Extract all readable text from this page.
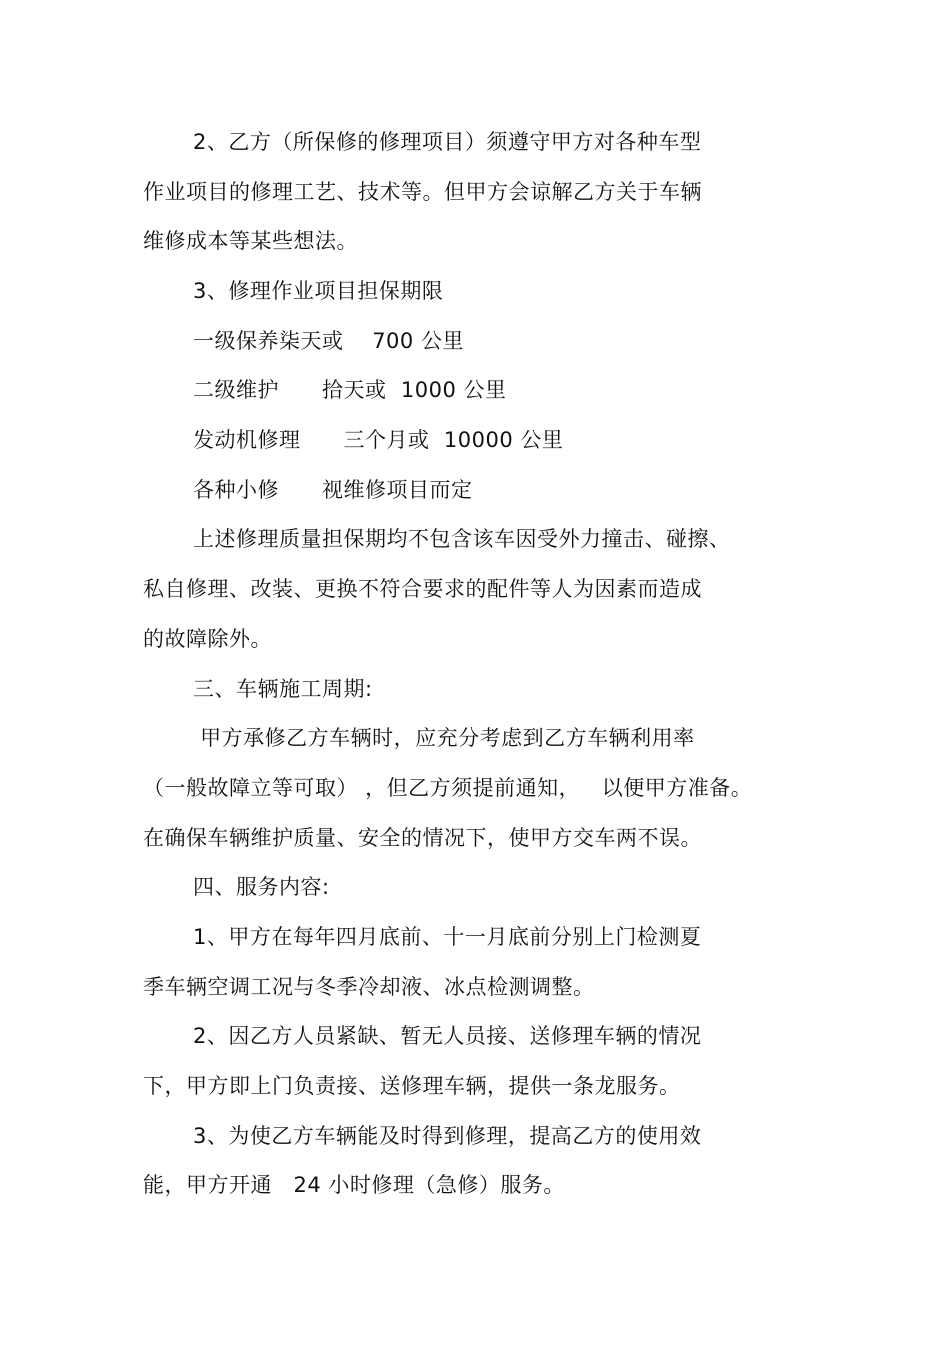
2、乙方（所保修的修理项目）须遵守甲方对各种车型
作业项目的修理工艺、技术等。但甲方会谅解乙方关于车辆
维修成本等某些想法。
3、修理作业项目担保期限
一级保养柒天或    700 公里
二级维护      拾天或  1000 公里
发动机修理      三个月或  10000 公里
各种小修      视维修项目而定
上述修理质量担保期均不包含该车因受外力撞击、碰擦、
私自修理、改装、更换不符合要求的配件等人为因素而造成
的故障除外。
三、车辆施工周期:
甲方承修乙方车辆时，应充分考虑到乙方车辆利用率
（一般故障立等可取） ，但乙方须提前通知，   以便甲方准备。
在确保车辆维护质量、安全的情况下，使甲方交车两不误。
四、服务内容:
1、甲方在每年四月底前、十一月底前分别上门检测夏
季车辆空调工况与冬季冷却液、冰点检测调整。
2、因乙方人员紧缺、暂无人员接、送修理车辆的情况
下，甲方即上门负责接、送修理车辆，提供一条龙服务。
3、为使乙方车辆能及时得到修理，提高乙方的使用效
能，甲方开通   24 小时修理（急修）服务。
